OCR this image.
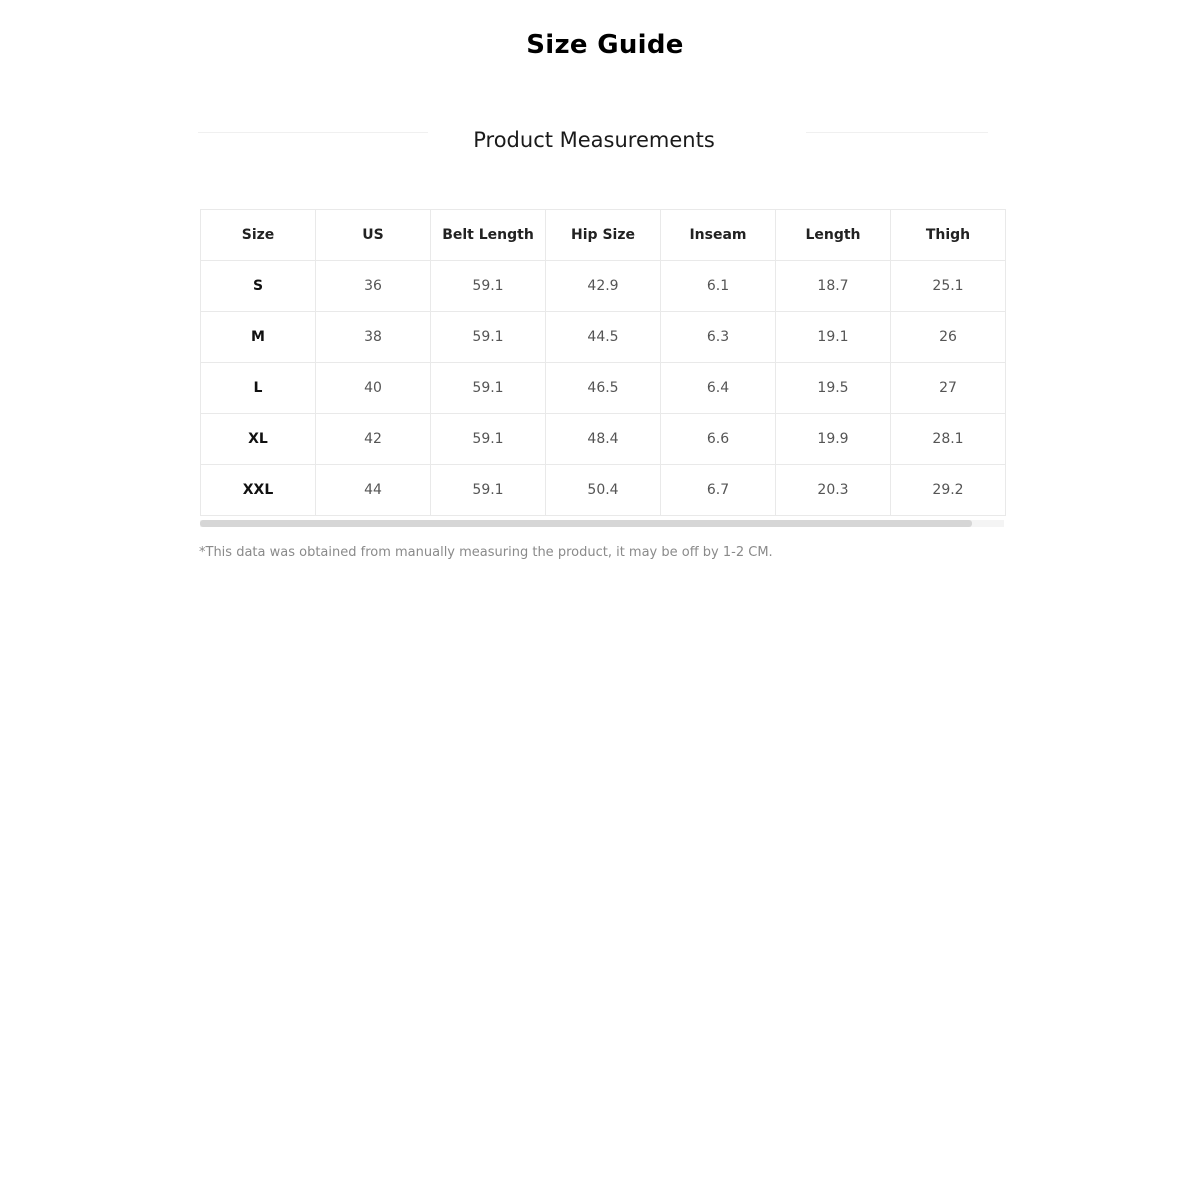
Size Guide
Product Measurements
Size	US	Belt Length	Hip Size	Inseam	Length	Thigh
S	36	59.1	42.9	6.1	18.7	25.1
M	38	59.1	44.5	6.3	19.1	26
L	40	59.1	46.5	6.4	19.5	27
XL	42	59.1	48.4	6.6	19.9	28.1
XXL	44	59.1	50.4	6.7	20.3	29.2
*This data was obtained from manually measuring the product, it may be off by 1-2 CM.
